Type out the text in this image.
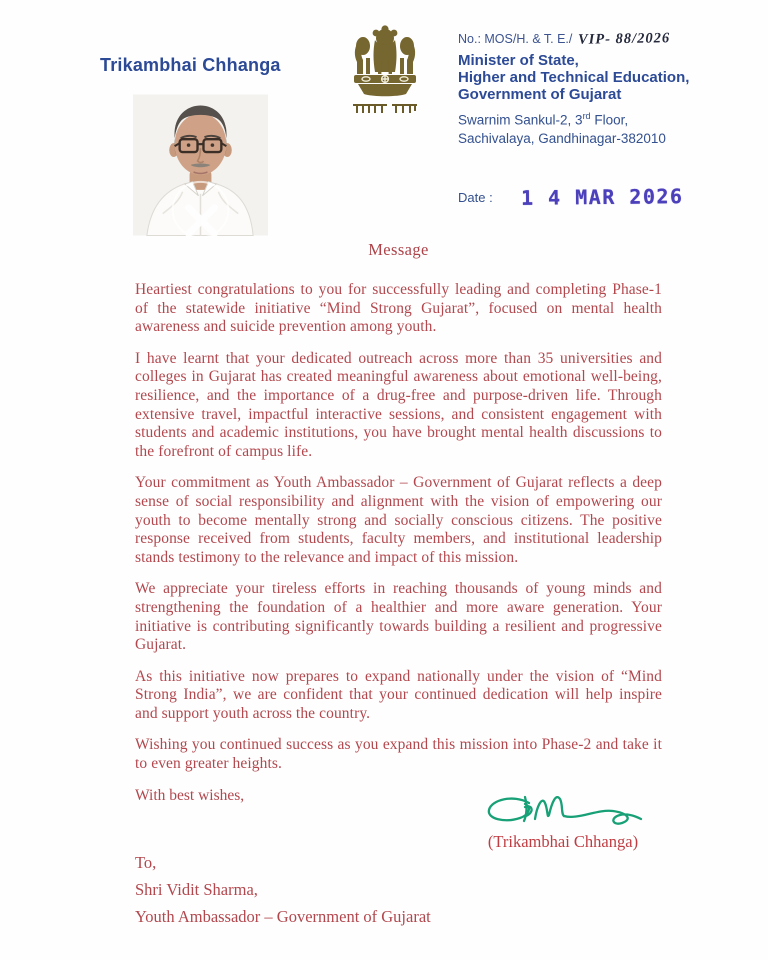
Trikambhai Chhanga
No.: MOS/H. & T. E./ VIP- 88/2026
Minister of State,
Higher and Technical Education,
Government of Gujarat
Swarnim Sankul-2, 3rd Floor,
Sachivalaya, Gandhinagar-382010
Date : 1 4 MAR 2026
Message

Heartiest congratulations to you for successfully leading and completing Phase-1 of the statewide initiative “Mind Strong Gujarat”, focused on mental health awareness and suicide prevention among youth.

I have learnt that your dedicated outreach across more than 35 universities and colleges in Gujarat has created meaningful awareness about emotional well-being, resilience, and the importance of a drug-free and purpose-driven life. Through extensive travel, impactful interactive sessions, and consistent engagement with students and academic institutions, you have brought mental health discussions to the forefront of campus life.

Your commitment as Youth Ambassador – Government of Gujarat reflects a deep sense of social responsibility and alignment with the vision of empowering our youth to become mentally strong and socially conscious citizens. The positive response received from students, faculty members, and institutional leadership stands testimony to the relevance and impact of this mission.

We appreciate your tireless efforts in reaching thousands of young minds and strengthening the foundation of a healthier and more aware generation. Your initiative is contributing significantly towards building a resilient and progressive Gujarat.

As this initiative now prepares to expand nationally under the vision of “Mind Strong India”, we are confident that your continued dedication will help inspire and support youth across the country.

Wishing you continued success as you expand this mission into Phase-2 and take it to even greater heights.

With best wishes,

(Trikambhai Chhanga)
To,
Shri Vidit Sharma,
Youth Ambassador – Government of Gujarat
